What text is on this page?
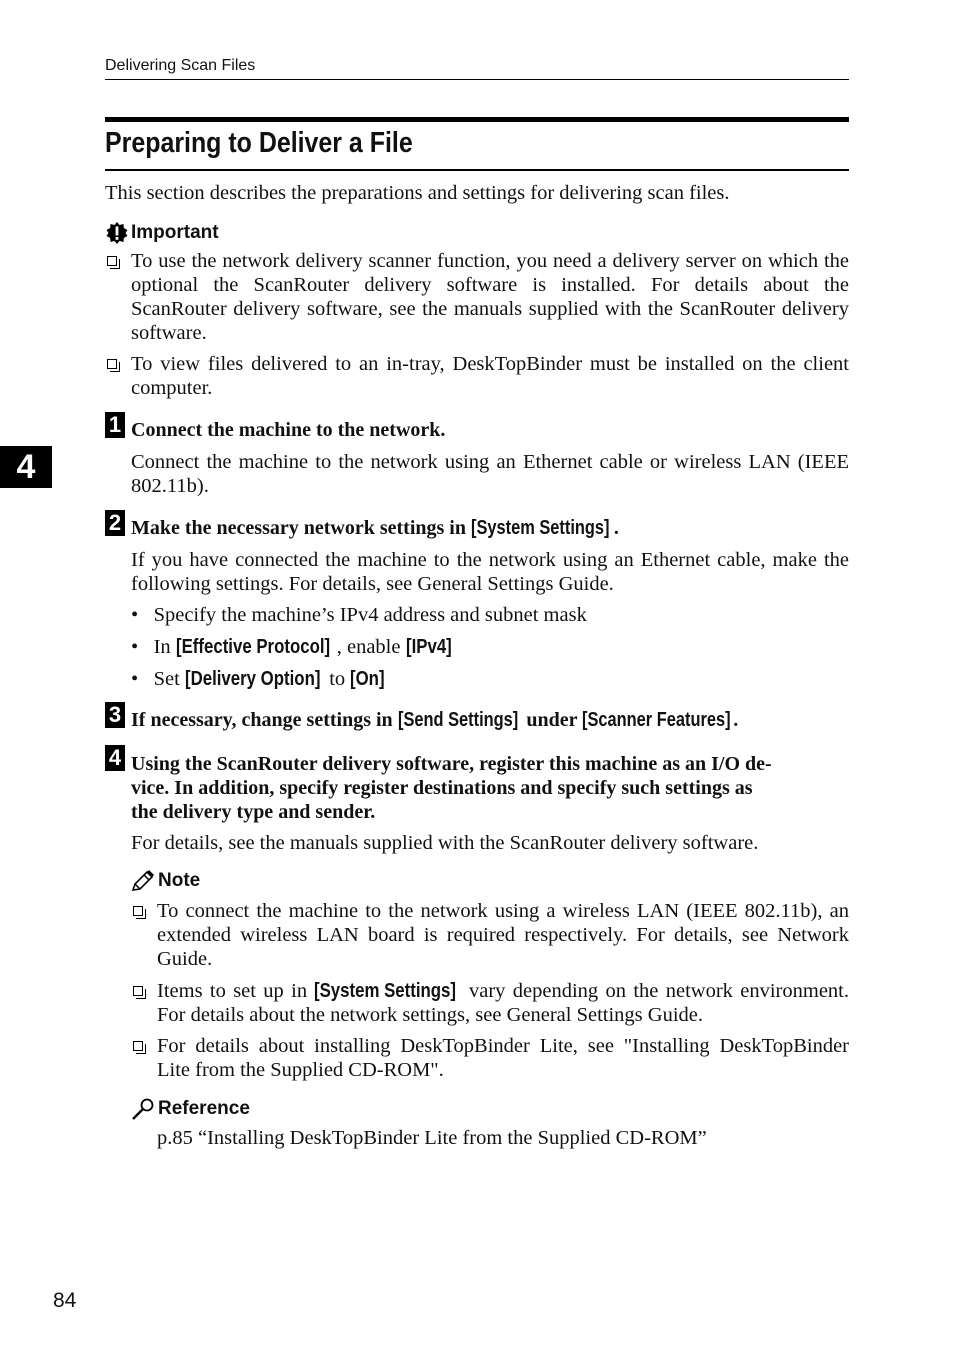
Delivering Scan Files
Preparing to Deliver a File
This section describes the preparations and settings for delivering scan files.
Important
To use the network delivery scanner function, you need a delivery server on which the optional the ScanRouter delivery software is installed. For details about the ScanRouter delivery software, see the manuals supplied with the ScanRouter delivery software.
To view files delivered to an in-tray, DeskTopBinder must be installed on the client computer.
1 Connect the machine to the network.
Connect the machine to the network using an Ethernet cable or wireless LAN (IEEE 802.11b).
2 Make the necessary network settings in [System Settings] .
If you have connected the machine to the network using an Ethernet cable, make the following settings. For details, see General Settings Guide.
•   Specify the machine’s IPv4 address and subnet mask
•   In [Effective Protocol] , enable [IPv4]
•   Set [Delivery Option] to [On]
3 If necessary, change settings in [Send Settings] under [Scanner Features] .
4 Using the ScanRouter delivery software, register this machine as an I/O de-
vice. In addition, specify register destinations and specify such settings as
the delivery type and sender.
For details, see the manuals supplied with the ScanRouter delivery software.
Note
To connect the machine to the network using a wireless LAN (IEEE 802.11b), an extended wireless LAN board is required respectively. For details, see Network Guide.
Items to set up in [System Settings] vary depending on the network environment. For details about the network settings, see General Settings Guide.
For details about installing DeskTopBinder Lite, see "Installing DeskTopBinder Lite from the Supplied CD-ROM".
Reference
p.85 “Installing DeskTopBinder Lite from the Supplied CD-ROM”
4
84
